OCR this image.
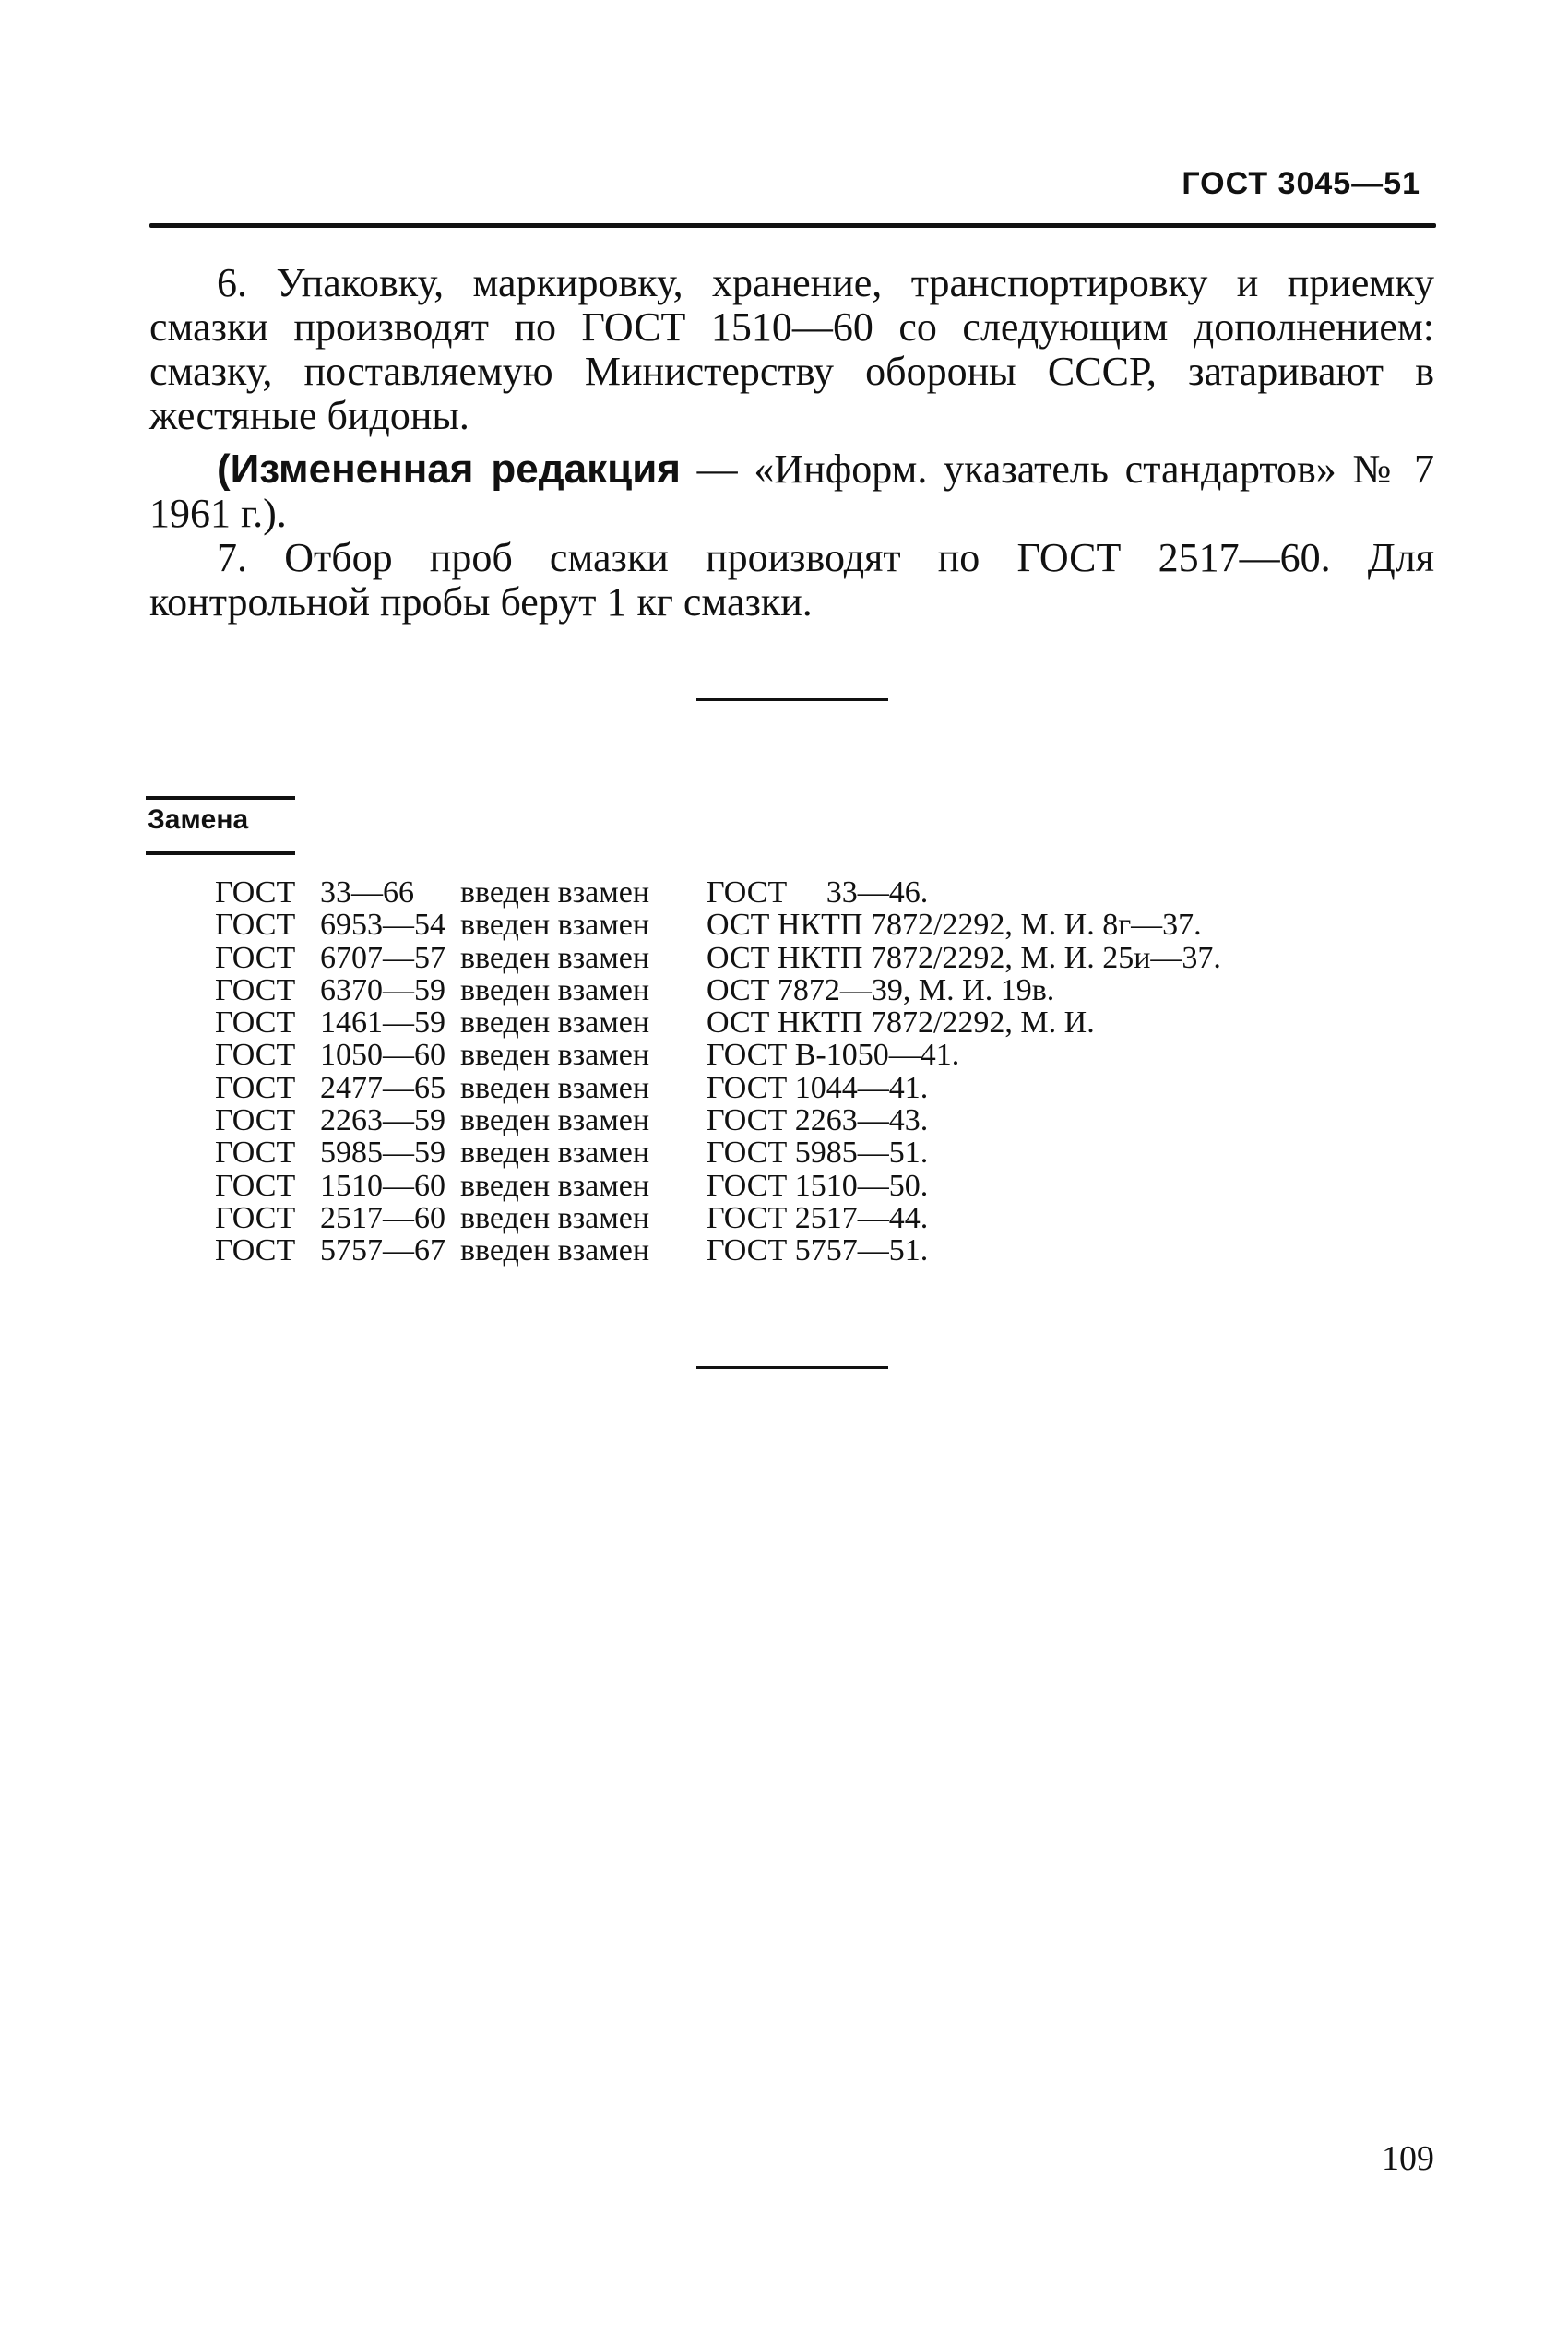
ГОСТ 3045—51

6. Упаковку, маркировку, хранение, транспортировку и приемку смазки производят по ГОСТ 1510—60 со следующим дополнением: смазку, поставляемую Министерству обороны СССР, затаривают в жестяные бидоны.

(Измененная редакция — «Информ. указатель стандартов» № 7 1961 г.).

7. Отбор проб смазки производят по ГОСТ 2517—60. Для контрольной пробы берут 1 кг смазки.

Замена
ГОСТ 33—66	введен взамен	ГОСТ     33—46.
ГОСТ 6953—54 введен взамен	ОСТ НКТП 7872/2292, М. И. 8г—37.
ГОСТ 6707—57 введен взамен	ОСТ НКТП 7872/2292, М. И. 25и—37.
ГОСТ 6370—59 введен взамен	ОСТ 7872—39, М. И. 19в.
ГОСТ 1461—59 введен взамен	ОСТ НКТП 7872/2292, М. И.
ГОСТ 1050—60 введен взамен	ГОСТ В-1050—41.
ГОСТ 2477—65 введен взамен	ГОСТ 1044—41.
ГОСТ 2263—59 введен взамен	ГОСТ 2263—43.
ГОСТ 5985—59 введен взамен	ГОСТ 5985—51.
ГОСТ 1510—60 введен взамен	ГОСТ 1510—50.
ГОСТ 2517—60 введен взамен	ГОСТ 2517—44.
ГОСТ 5757—67 введен взамен	ГОСТ 5757—51.
109
